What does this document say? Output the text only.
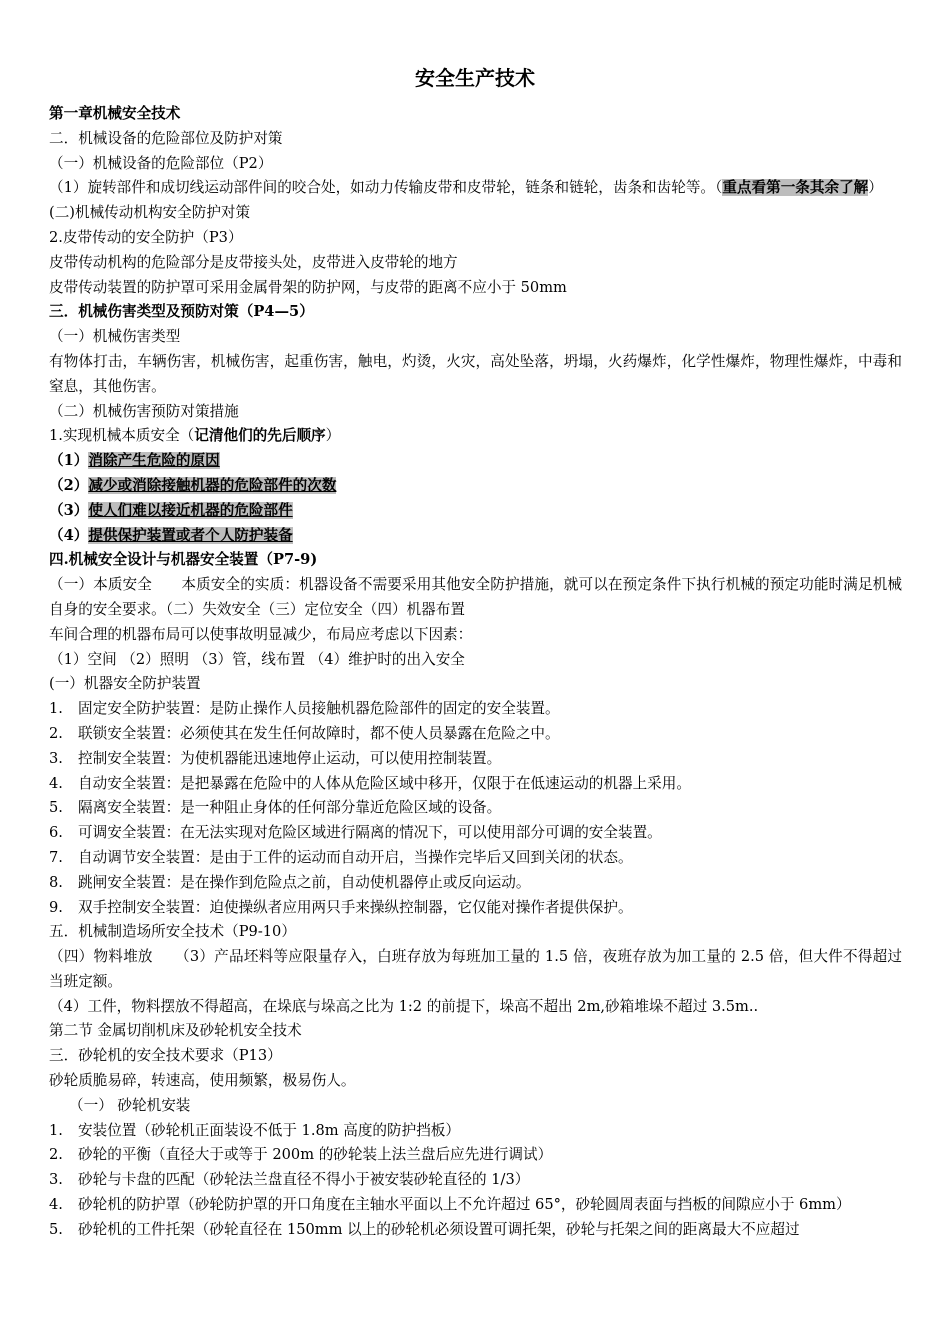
安全生产技术

第一章机械安全技术

二．机械设备的危险部位及防护对策

（一）机械设备的危险部位（P2）

（1）旋转部件和成切线运动部件间的咬合处，如动力传输皮带和皮带轮，链条和链轮，齿条和齿轮等。（重点看第一条其余了解）

(二)机械传动机构安全防护对策

2.皮带传动的安全防护（P3）

皮带传动机构的危险部分是皮带接头处，皮带进入皮带轮的地方

皮带传动装置的防护罩可采用金属骨架的防护网，与皮带的距离不应小于 50mm

三．机械伤害类型及预防对策（P4—5）

（一）机械伤害类型

有物体打击，车辆伤害，机械伤害，起重伤害，触电，灼烫，火灾，高处坠落，坍塌，火药爆炸，化学性爆炸，物理性爆炸，中毒和窒息，其他伤害。

（二）机械伤害预防对策措施

1.实现机械本质安全（记清他们的先后顺序）

（1）消除产生危险的原因

（2）减少或消除接触机器的危险部件的次数

（3）使人们难以接近机器的危险部件

（4）提供保护装置或者个人防护装备

四.机械安全设计与机器安全装置（P7-9)

（一）本质安全　　本质安全的实质：机器设备不需要采用其他安全防护措施，就可以在预定条件下执行机械的预定功能时满足机械自身的安全要求。（二）失效安全（三）定位安全（四）机器布置

车间合理的机器布局可以使事故明显减少，布局应考虑以下因素：

（1）空间 （2）照明 （3）管，线布置 （4）维护时的出入安全

(一）机器安全防护装置

1.	固定安全防护装置：是防止操作人员接触机器危险部件的固定的安全装置。
2.	联锁安全装置：必须使其在发生任何故障时，都不使人员暴露在危险之中。
3.	控制安全装置：为使机器能迅速地停止运动，可以使用控制装置。
4.	自动安全装置：是把暴露在危险中的人体从危险区域中移开，仅限于在低速运动的机器上采用。
5.	隔离安全装置：是一种阻止身体的任何部分靠近危险区域的设备。
6.	可调安全装置：在无法实现对危险区域进行隔离的情况下，可以使用部分可调的安全装置。
7.	自动调节安全装置：是由于工件的运动而自动开启，当操作完毕后又回到关闭的状态。
8.	跳闸安全装置：是在操作到危险点之前，自动使机器停止或反向运动。
9.	双手控制安全装置：迫使操纵者应用两只手来操纵控制器，它仅能对操作者提供保护。

五．机械制造场所安全技术（P9-10）

（四）物料堆放　　（3）产品坯料等应限量存入，白班存放为每班加工量的 1.5 倍，夜班存放为加工量的 2.5 倍，但大件不得超过当班定额。

（4）工件，物料摆放不得超高，在垛底与垛高之比为 1:2 的前提下，垛高不超出 2m,砂箱堆垛不超过 3.5m..

第二节 金属切削机床及砂轮机安全技术

三．砂轮机的安全技术要求（P13）

砂轮质脆易碎，转速高，使用频繁，极易伤人。

（一） 砂轮机安装

1.	安装位置（砂轮机正面装设不低于 1.8m 高度的防护挡板）
2.	砂轮的平衡（直径大于或等于 200m 的砂轮装上法兰盘后应先进行调试）
3.	砂轮与卡盘的匹配（砂轮法兰盘直径不得小于被安装砂轮直径的 1/3）
4.	砂轮机的防护罩（砂轮防护罩的开口角度在主轴水平面以上不允许超过 65°，砂轮圆周表面与挡板的间隙应小于 6mm）
5.	砂轮机的工件托架（砂轮直径在 150mm 以上的砂轮机必须设置可调托架，砂轮与托架之间的距离最大不应超过
